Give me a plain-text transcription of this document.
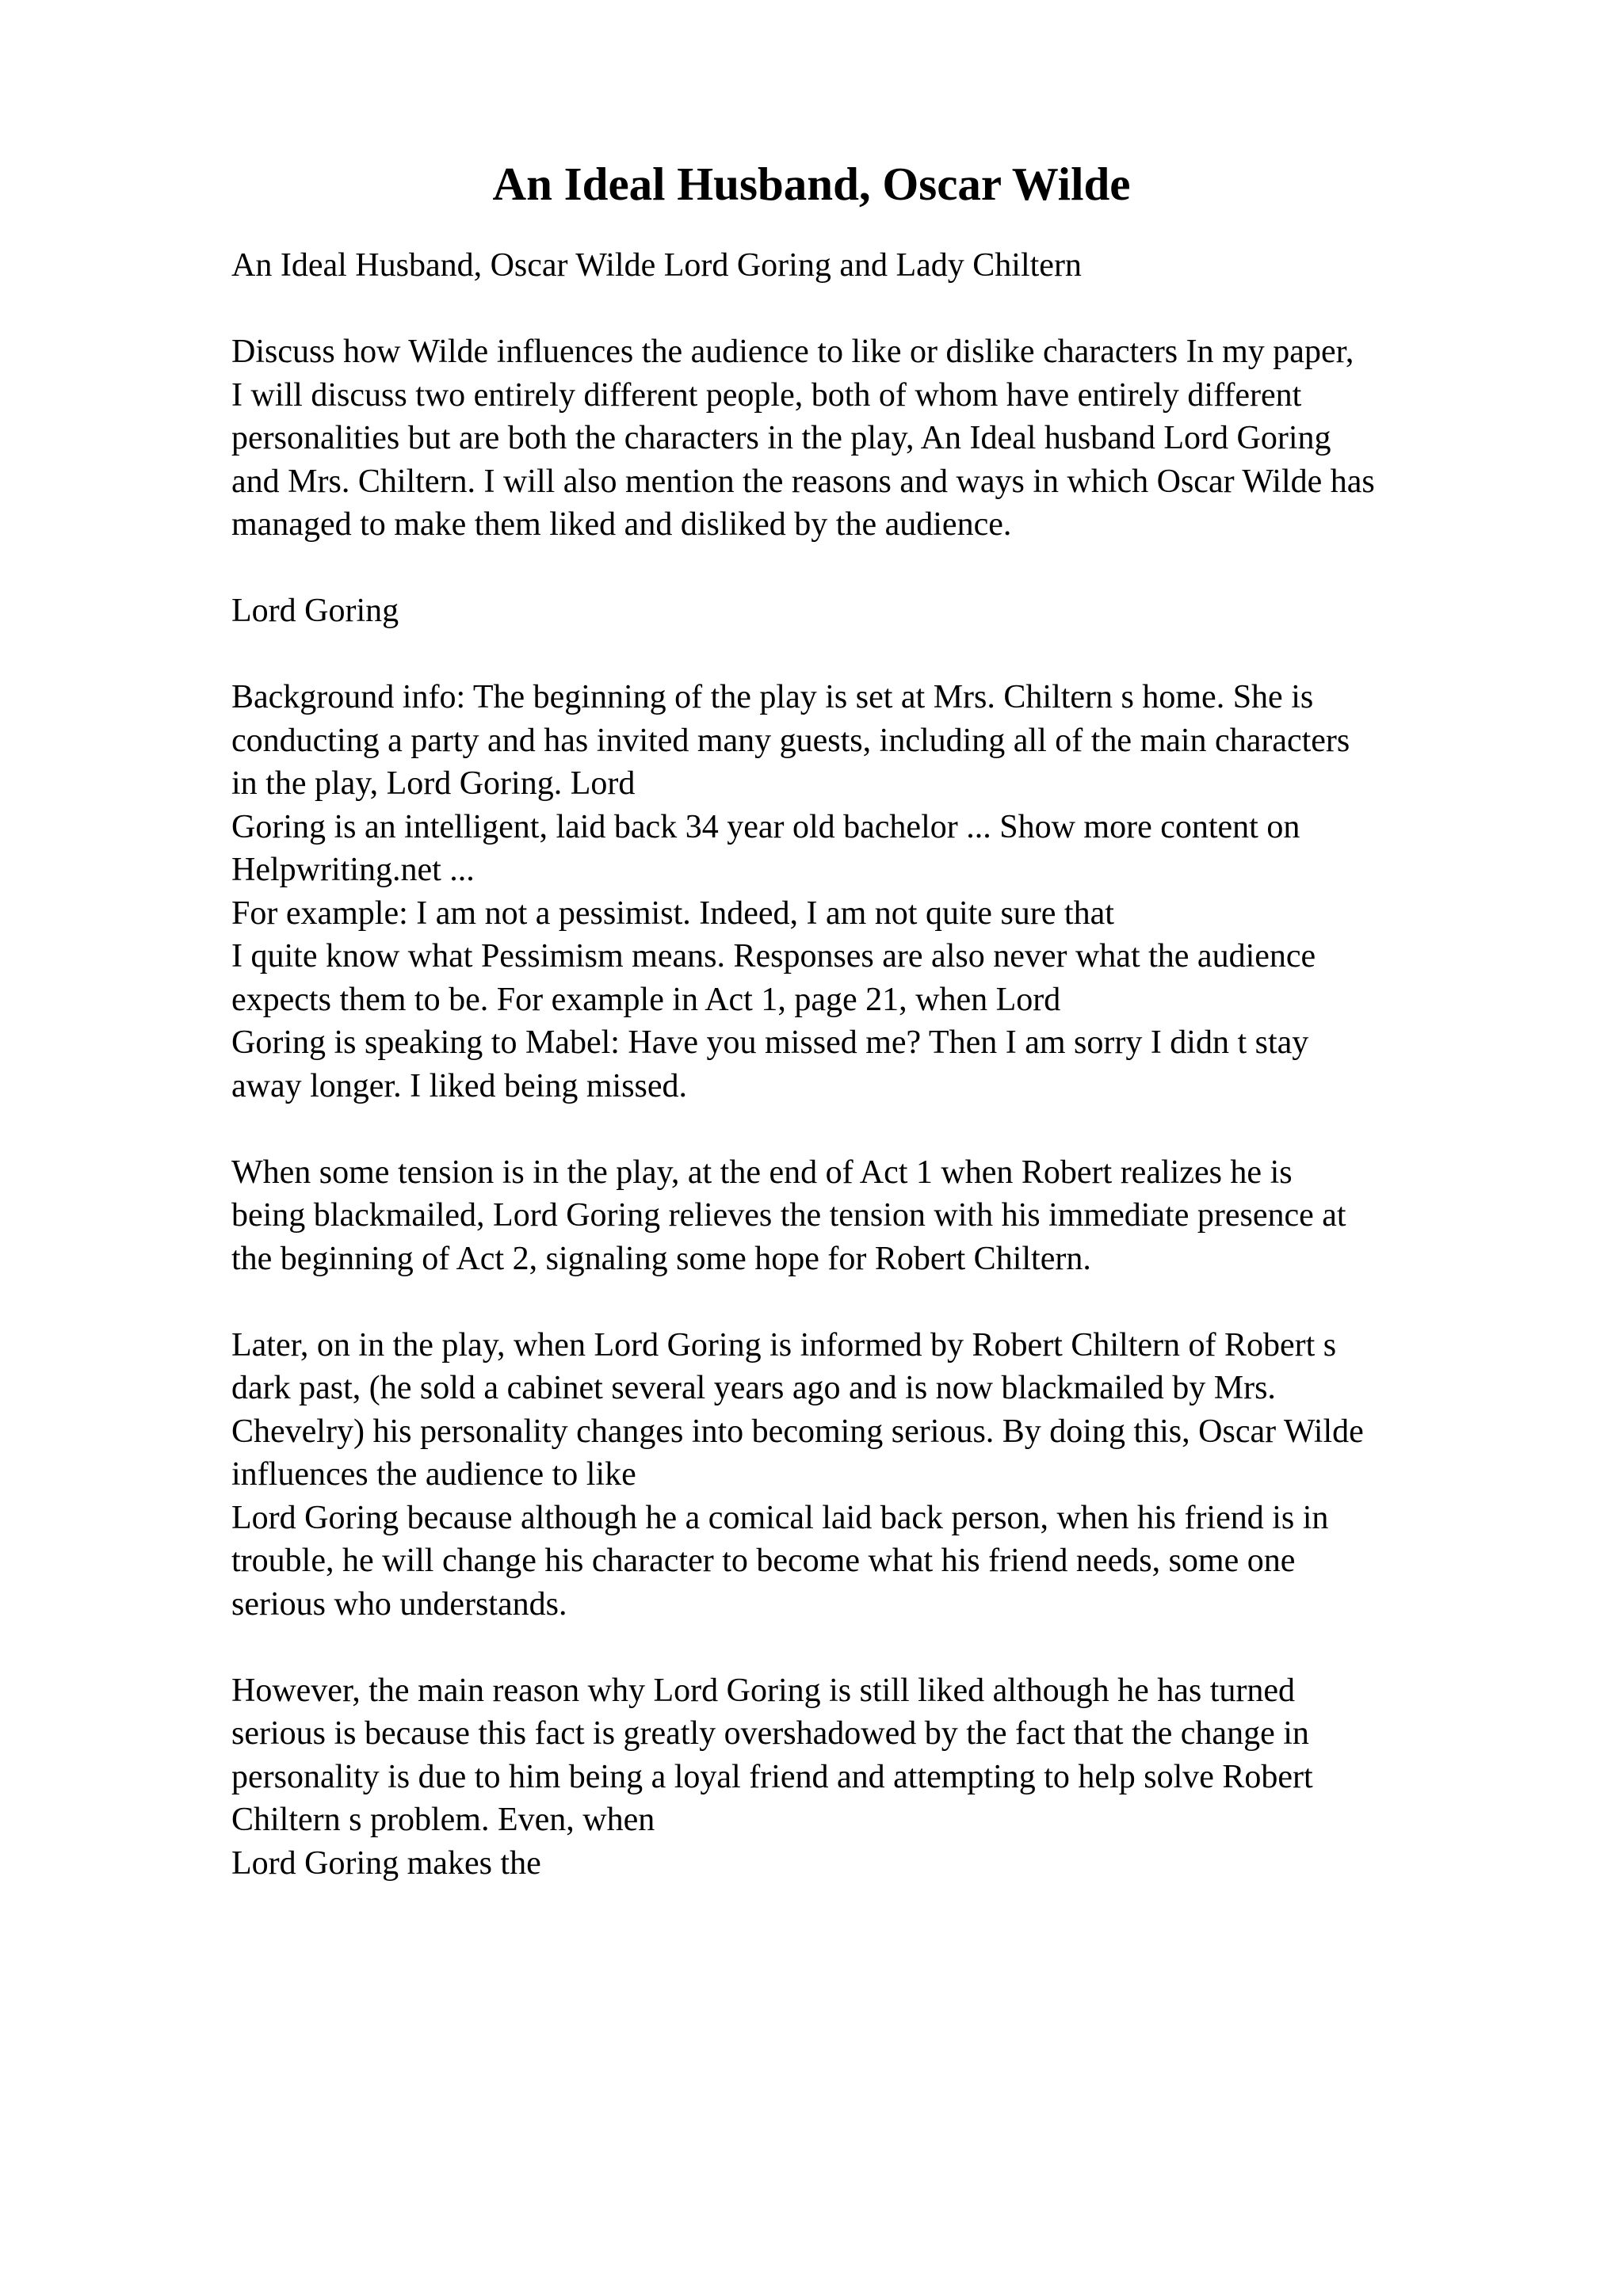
An Ideal Husband, Oscar Wilde

An Ideal Husband, Oscar Wilde Lord Goring and Lady Chiltern

Discuss how Wilde influences the audience to like or dislike characters In my paper,
I will discuss two entirely different people, both of whom have entirely different
personalities but are both the characters in the play, An Ideal husband Lord Goring
and Mrs. Chiltern. I will also mention the reasons and ways in which Oscar Wilde has
managed to make them liked and disliked by the audience.

Lord Goring

Background info: The beginning of the play is set at Mrs. Chiltern s home. She is
conducting a party and has invited many guests, including all of the main characters
in the play, Lord Goring. Lord
Goring is an intelligent, laid back 34 year old bachelor ... Show more content on
Helpwriting.net ...
For example: I am not a pessimist. Indeed, I am not quite sure that
I quite know what Pessimism means. Responses are also never what the audience
expects them to be. For example in Act 1, page 21, when Lord
Goring is speaking to Mabel: Have you missed me? Then I am sorry I didn t stay
away longer. I liked being missed.

When some tension is in the play, at the end of Act 1 when Robert realizes he is
being blackmailed, Lord Goring relieves the tension with his immediate presence at
the beginning of Act 2, signaling some hope for Robert Chiltern.

Later, on in the play, when Lord Goring is informed by Robert Chiltern of Robert s
dark past, (he sold a cabinet several years ago and is now blackmailed by Mrs.
Chevelry) his personality changes into becoming serious. By doing this, Oscar Wilde
influences the audience to like
Lord Goring because although he a comical laid back person, when his friend is in
trouble, he will change his character to become what his friend needs, some one
serious who understands.

However, the main reason why Lord Goring is still liked although he has turned
serious is because this fact is greatly overshadowed by the fact that the change in
personality is due to him being a loyal friend and attempting to help solve Robert
Chiltern s problem. Even, when
Lord Goring makes the
